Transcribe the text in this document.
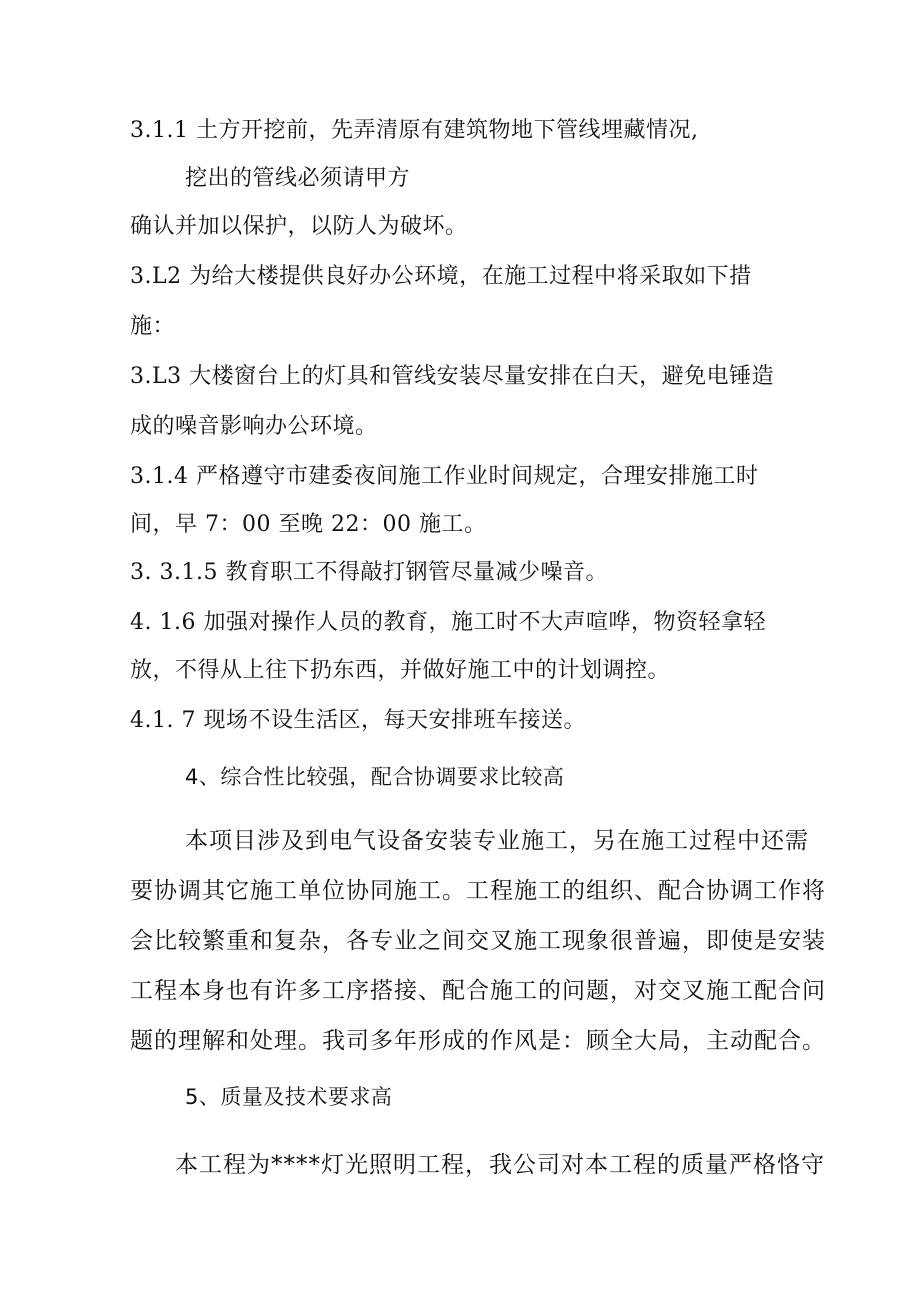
3.1.1 土方开挖前，先弄清原有建筑物地下管线埋藏情况,
挖出的管线必须请甲方
确认并加以保护，以防人为破坏。
3.L2 为给大楼提供良好办公环境，在施工过程中将采取如下措
施：
3.L3 大楼窗台上的灯具和管线安装尽量安排在白天，避免电锤造
成的噪音影响办公环境。
3.1.4 严格遵守市建委夜间施工作业时间规定，合理安排施工时
间，早 7：00 至晚 22：00 施工。
3. 3.1.5 教育职工不得敲打钢管尽量减少噪音。
4. 1.6 加强对操作人员的教育，施工时不大声喧哗，物资轻拿轻
放，不得从上往下扔东西，并做好施工中的计划调控。
4.1. 7 现场不设生活区，每天安排班车接送。
4、综合性比较强，配合协调要求比较高
本项目涉及到电气设备安装专业施工，另在施工过程中还需
要协调其它施工单位协同施工。工程施工的组织、配合协调工作将
会比较繁重和复杂，各专业之间交叉施工现象很普遍，即使是安装
工程本身也有许多工序搭接、配合施工的问题，对交叉施工配合问
题的理解和处理。我司多年形成的作风是：顾全大局，主动配合。
5、质量及技术要求高
本工程为****灯光照明工程，我公司对本工程的质量严格恪守
